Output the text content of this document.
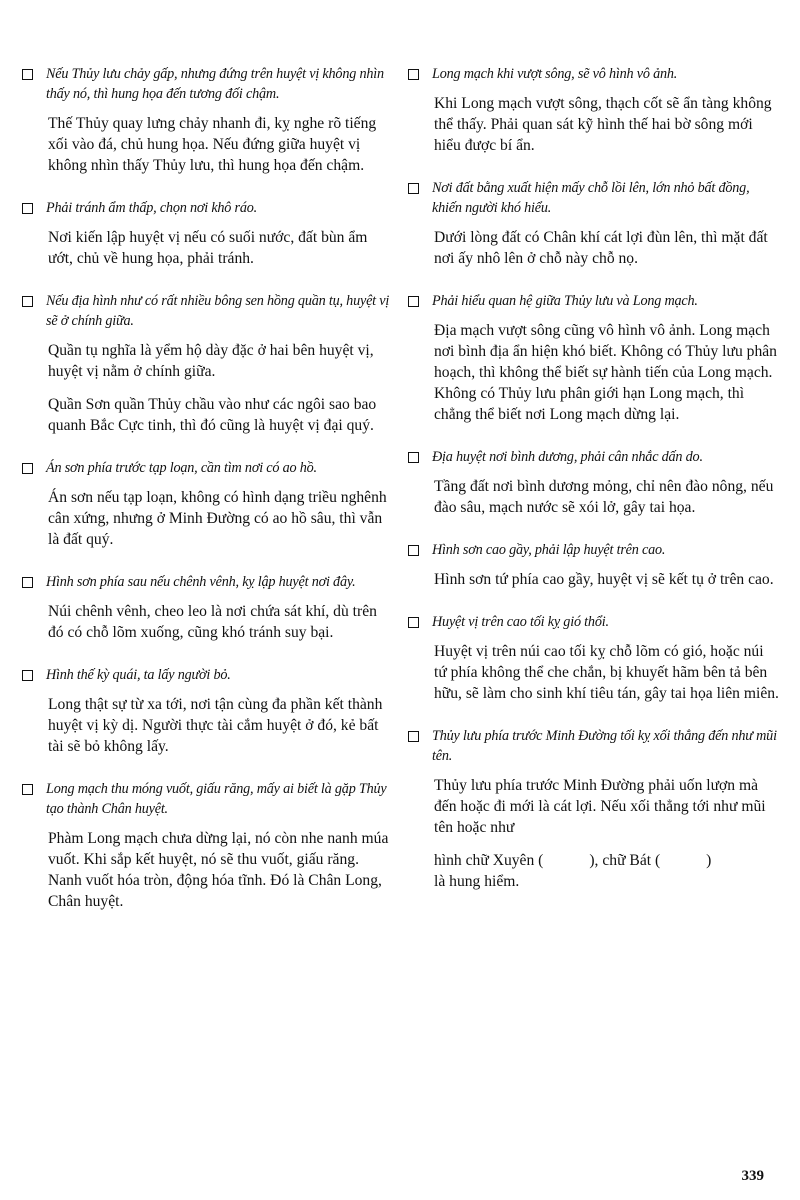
Nếu Thủy lưu chảy gấp, nhưng đứng trên huyệt vị không nhìn thấy nó, thì hung họa đến tương đối chậm.

Thế Thủy quay lưng chảy nhanh đi, kỵ nghe rõ tiếng xối vào đá, chủ hung họa. Nếu đứng giữa huyệt vị không nhìn thấy Thủy lưu, thì hung họa đến chậm.

Phải tránh ẩm thấp, chọn nơi khô ráo.

Nơi kiến lập huyệt vị nếu có suối nước, đất bùn ẩm ướt, chủ về hung họa, phải tránh.

Nếu địa hình như có rất nhiều bông sen hồng quần tụ, huyệt vị sẽ ở chính giữa.

Quần tụ nghĩa là yểm hộ dày đặc ở hai bên huyệt vị, huyệt vị nằm ở chính giữa.

Quần Sơn quần Thủy chầu vào như các ngôi sao bao quanh Bắc Cực tinh, thì đó cũng là huyệt vị đại quý.

Án sơn phía trước tạp loạn, cần tìm nơi có ao hồ.

Án sơn nếu tạp loạn, không có hình dạng triều nghênh cân xứng, nhưng ở Minh Đường có ao hồ sâu, thì vẫn là đất quý.

Hình sơn phía sau nếu chênh vênh, kỵ lập huyệt nơi đây.

Núi chênh vênh, cheo leo là nơi chứa sát khí, dù trên đó có chỗ lõm xuống, cũng khó tránh suy bại.

Hình thế kỳ quái, ta lấy người bỏ.

Long thật sự từ xa tới, nơi tận cùng đa phần kết thành huyệt vị kỳ dị. Người thực tài cắm huyệt ở đó, kẻ bất tài sẽ bỏ không lấy.

Long mạch thu móng vuốt, giấu răng, mấy ai biết là gặp Thủy tạo thành Chân huyệt.

Phàm Long mạch chưa dừng lại, nó còn nhe nanh múa vuốt. Khi sắp kết huyệt, nó sẽ thu vuốt, giấu răng. Nanh vuốt hóa tròn, động hóa tĩnh. Đó là Chân Long, Chân huyệt.

Long mạch khi vượt sông, sẽ vô hình vô ảnh.

Khi Long mạch vượt sông, thạch cốt sẽ ẩn tàng không thể thấy. Phải quan sát kỹ hình thế hai bờ sông mới hiểu được bí ẩn.

Nơi đất bằng xuất hiện mấy chỗ lồi lên, lớn nhỏ bất đồng, khiến người khó hiểu.

Dưới lòng đất có Chân khí cát lợi đùn lên, thì mặt đất nơi ấy nhô lên ở chỗ này chỗ nọ.

Phải hiểu quan hệ giữa Thủy lưu và Long mạch.

Địa mạch vượt sông cũng vô hình vô ảnh. Long mạch nơi bình địa ẩn hiện khó biết. Không có Thủy lưu phân hoạch, thì không thể biết sự hành tiến của Long mạch. Không có Thủy lưu phân giới hạn Long mạch, thì chẳng thể biết nơi Long mạch dừng lại.

Địa huyệt nơi bình dương, phải cân nhắc dấn do.

Tầng đất nơi bình dương mỏng, chỉ nên đào nông, nếu đào sâu, mạch nước sẽ xói lở, gây tai họa.

Hình sơn cao gầy, phải lập huyệt trên cao.

Hình sơn tứ phía cao gầy, huyệt vị sẽ kết tụ ở trên cao.

Huyệt vị trên cao tối kỵ gió thổi.

Huyệt vị trên núi cao tối kỵ chỗ lõm có gió, hoặc núi tứ phía không thể che chắn, bị khuyết hãm bên tả bên hữu, sẽ làm cho sinh khí tiêu tán, gây tai họa liên miên.

Thủy lưu phía trước Minh Đường tối kỵ xối thẳng đến như mũi tên.

Thủy lưu phía trước Minh Đường phải uốn lượn mà đến hoặc đi mới là cát lợi. Nếu xối thẳng tới như mũi tên hoặc như

hình chữ Xuyên (	), chữ Bát (	)
là hung hiểm.

339
